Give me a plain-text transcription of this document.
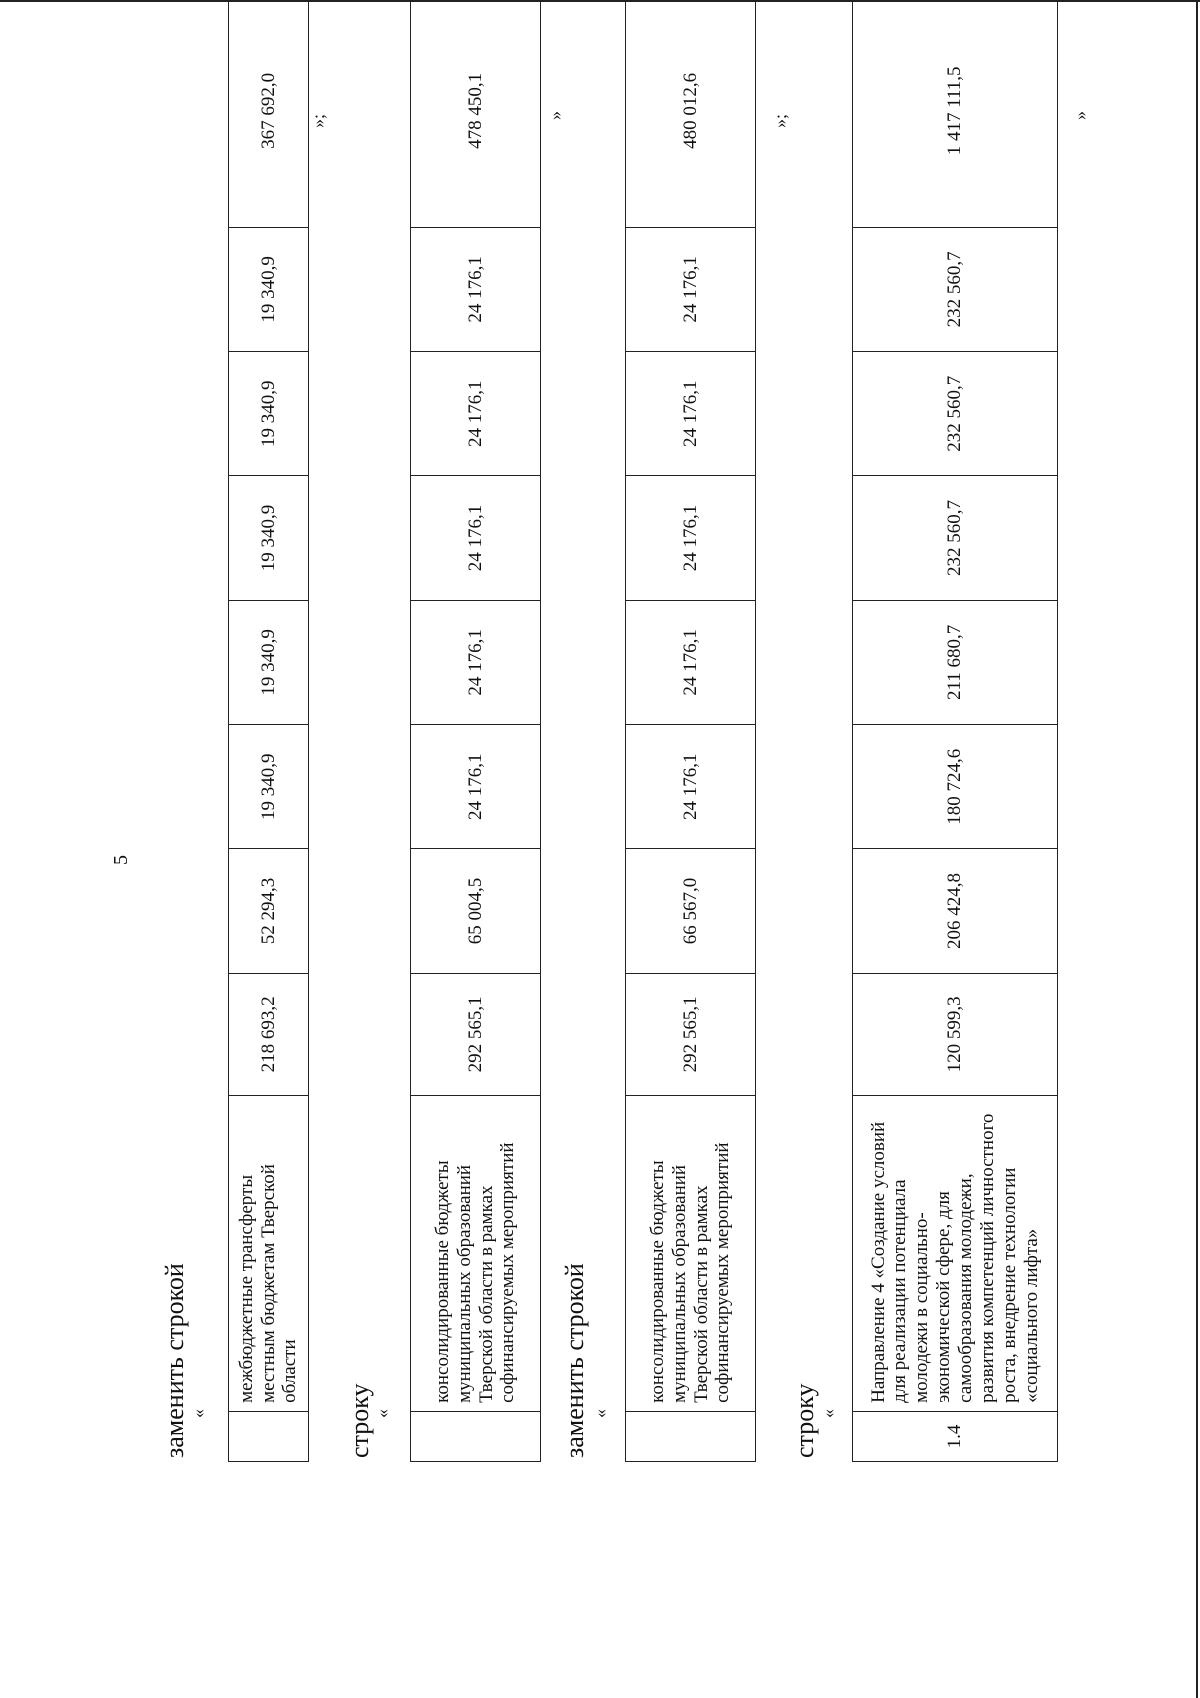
5
заменить строкой «
	межбюджетные трансферты местным бюджетам Тверской области	218 693,2	52 294,3	19 340,9	19 340,9	19 340,9	19 340,9	19 340,9	367 692,0 »;
строку
«
	консолидированные бюджеты муниципальных образований Тверской области в рамках софинансируемых мероприятий	292 565,1	65 004,5	24 176,1	24 176,1	24 176,1	24 176,1	24 176,1	478 450,1	»
заменить строкой «
	консолидированные бюджеты муниципальных образований Тверской области в рамках софинансируемых мероприятий	292 565,1	66 567,0	24 176,1	24 176,1	24 176,1	24 176,1	24 176,1	480 012,6	»;
строку «
1.4	Направление 4 «Создание условий для реализации потенциала молодежи в социально-экономической сфере, для самообразования молодежи, развития компетенций личностного роста, внедрение технологии «социального лифта»	120 599,3	206 424,8	180 724,6	211 680,7	232 560,7	232 560,7	232 560,7	1 417 111,5	»
